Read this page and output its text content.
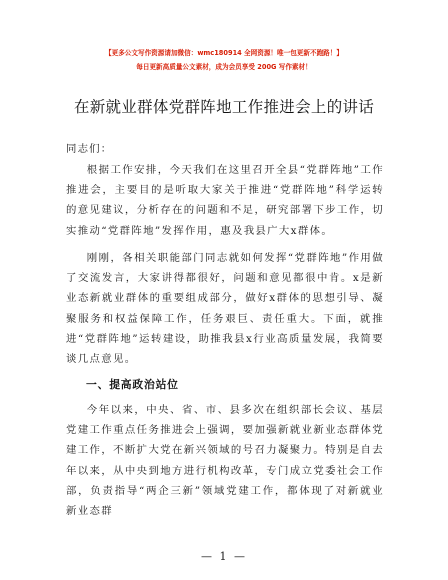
【更多公文写作资源请加微信：wmc180914 全网资源！唯一包更新不跑路！】
每日更新高质量公文素材，成为会员享受 200G 写作素材！
在新就业群体党群阵地工作推进会上的讲话
同志们：

根据工作安排，今天我们在这里召开全县“党群阵地”工作推进会，主要目的是听取大家关于推进“党群阵地”科学运转的意见建议，分析存在的问题和不足，研究部署下步工作，切实推动“党群阵地”发挥作用，惠及我县广大x群体。

刚刚，各相关职能部门同志就如何发挥“党群阵地”作用做了交流发言，大家讲得都很好，问题和意见都很中肯。x是新业态新就业群体的重要组成部分，做好x群体的思想引导、凝聚服务和权益保障工作，任务艰巨、责任重大。下面，就推进“党群阵地”运转建设，助推我县x行业高质量发展，我简要谈几点意见。

一、提高政治站位

今年以来，中央、省、市、县多次在组织部长会议、基层党建工作重点任务推进会上强调，要加强新就业新业态群体党建工作，不断扩大党在新兴领域的号召力凝聚力。特别是自去年以来，从中央到地方进行机构改革，专门成立党委社会工作部，负责指导“两企三新”领域党建工作，都体现了对新就业新业态群

— 1 —
